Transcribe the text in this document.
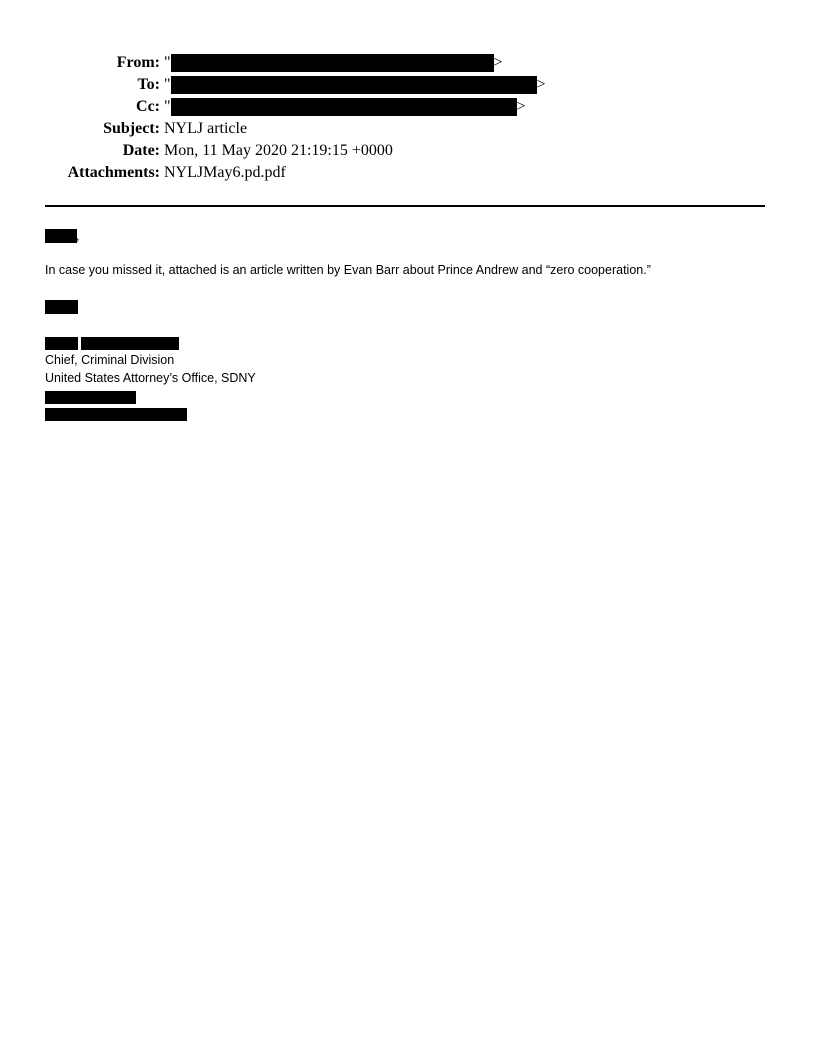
From: "	>
To: "	>
Cc: "	>
Subject: NYLJ article
Date: Mon, 11 May 2020 21:19:15 +0000
Attachments: NYLJMay6.pd.pdf
,
In case you missed it, attached is an article written by Evan Barr about Prince Andrew and “zero cooperation.”
Chief, Criminal Division
United States Attorney’s Office, SDNY
